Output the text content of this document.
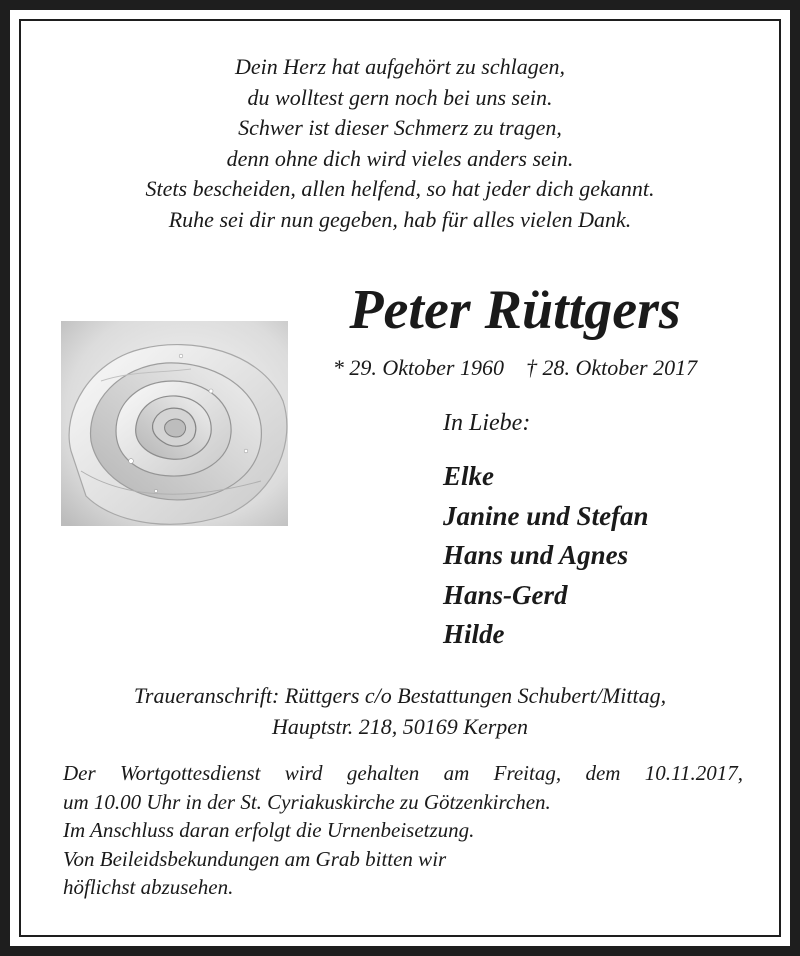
Dein Herz hat aufgehört zu schlagen,
du wolltest gern noch bei uns sein.
Schwer ist dieser Schmerz zu tragen,
denn ohne dich wird vieles anders sein.
Stets bescheiden, allen helfend, so hat jeder dich gekannt.
Ruhe sei dir nun gegeben, hab für alles vielen Dank.
Peter Rüttgers
* 29. Oktober 1960 † 28. Oktober 2017
In Liebe:
Elke
Janine und Stefan
Hans und Agnes
Hans-Gerd
Hilde
Traueranschrift: Rüttgers c/o Bestattungen Schubert/Mittag,
Hauptstr. 218, 50169 Kerpen
Der Wortgottesdienst wird gehalten am Freitag, dem 10.11.2017,
um 10.00 Uhr in der St. Cyriakuskirche zu Götzenkirchen.
Im Anschluss daran erfolgt die Urnenbeisetzung.
Von Beileidsbekundungen am Grab bitten wir
höflichst abzusehen.
